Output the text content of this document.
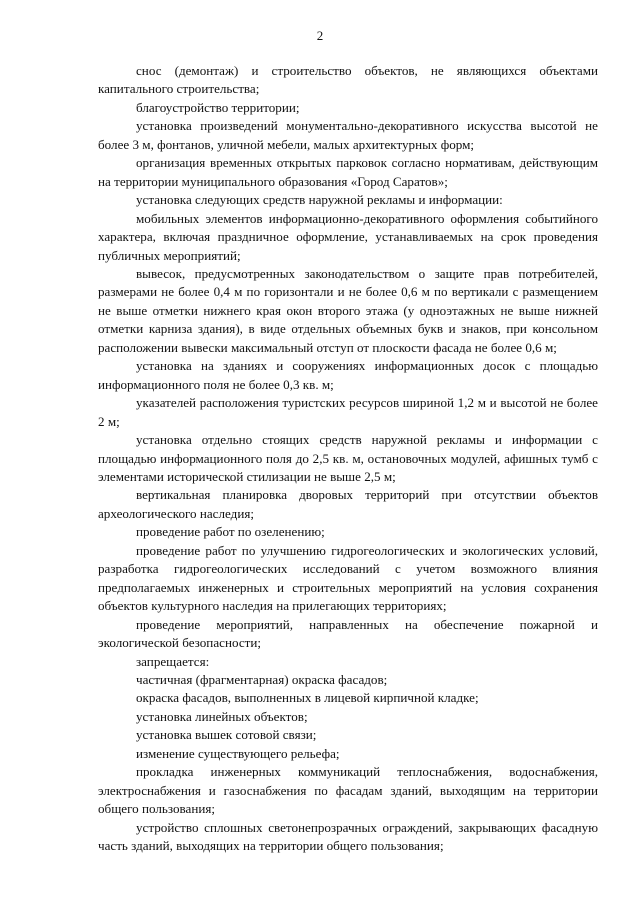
2

снос (демонтаж) и строительство объектов, не являющихся объектами капитального строительства;

благоустройство территории;

установка произведений монументально-декоративного искусства высотой не более 3 м, фонтанов, уличной мебели, малых архитектурных форм;

организация временных открытых парковок согласно нормативам, действующим на территории муниципального образования «Город Саратов»;

установка следующих средств наружной рекламы и информации:

мобильных элементов информационно-декоративного оформления событийного характера, включая праздничное оформление, устанавливаемых на срок проведения публичных мероприятий;

вывесок, предусмотренных законодательством о защите прав потребителей, размерами не более 0,4 м по горизонтали и не более 0,6 м по вертикали с размещением не выше отметки нижнего края окон второго этажа (у одноэтажных не выше нижней отметки карниза здания), в виде отдельных объемных букв и знаков, при консольном расположении вывески максимальный отступ от плоскости фасада не более 0,6 м;

установка на зданиях и сооружениях информационных досок с площадью информационного поля не более 0,3 кв. м;

указателей расположения туристских ресурсов шириной 1,2 м и высотой не более 2 м;

установка отдельно стоящих средств наружной рекламы и информации с площадью информационного поля до 2,5 кв. м, остановочных модулей, афишных тумб с элементами исторической стилизации не выше 2,5 м;

вертикальная планировка дворовых территорий при отсутствии объектов археологического наследия;

проведение работ по озеленению;

проведение работ по улучшению гидрогеологических и экологических условий, разработка гидрогеологических исследований с учетом возможного влияния предполагаемых инженерных и строительных мероприятий на условия сохранения объектов культурного наследия на прилегающих территориях;

проведение мероприятий, направленных на обеспечение пожарной и экологической безопасности;

запрещается:

частичная (фрагментарная) окраска фасадов;

окраска фасадов, выполненных в лицевой кирпичной кладке;

установка линейных объектов;

установка вышек сотовой связи;

изменение существующего рельефа;

прокладка инженерных коммуникаций теплоснабжения, водоснабжения, электроснабжения и газоснабжения по фасадам зданий, выходящим на территории общего пользования;

устройство сплошных светонепрозрачных ограждений, закрывающих фасадную часть зданий, выходящих на территории общего пользования;
